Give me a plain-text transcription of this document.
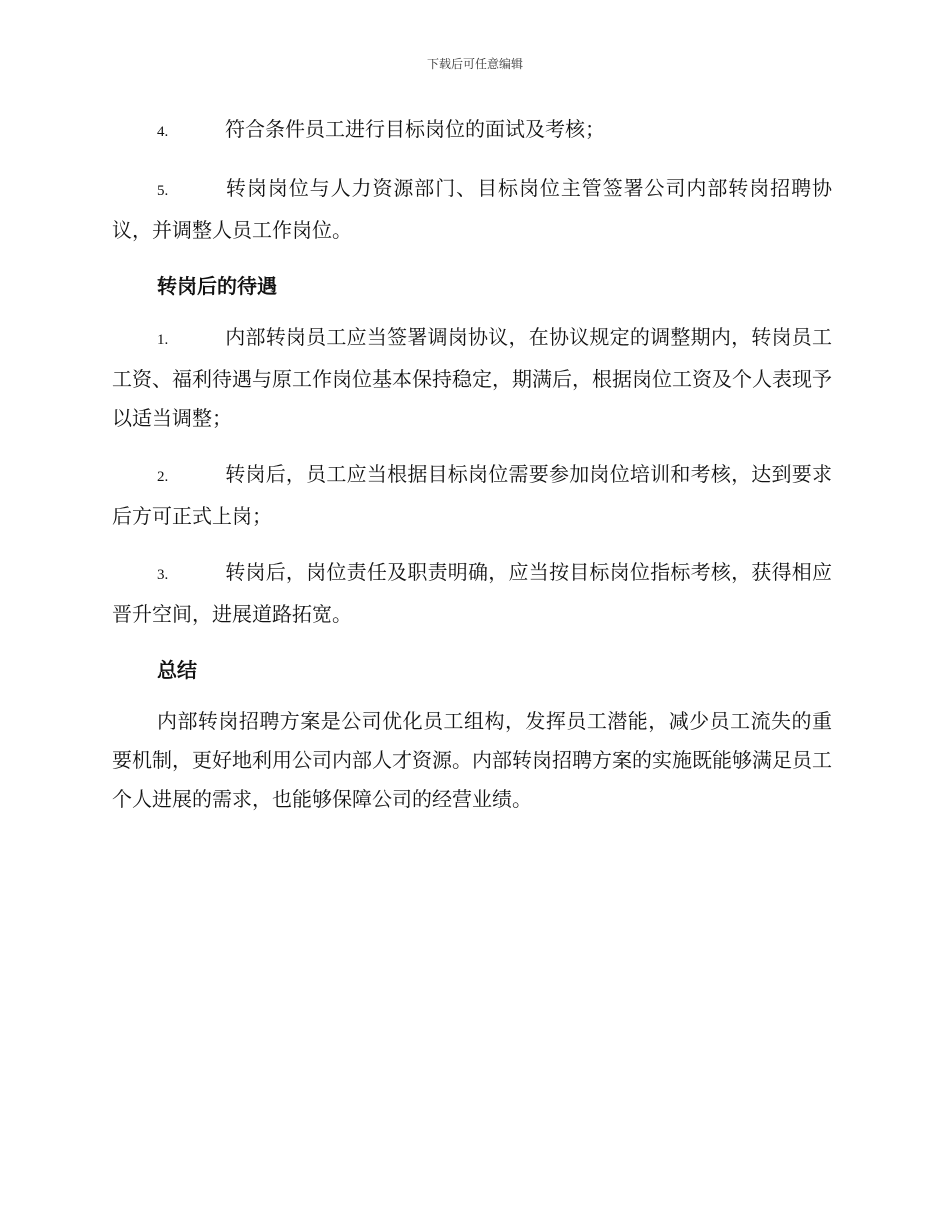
下载后可任意编辑

4.	符合条件员工进行目标岗位的面试及考核；

5.	转岗岗位与人力资源部门、目标岗位主管签署公司内部转岗招聘协议，并调整人员工作岗位。

转岗后的待遇

1.	内部转岗员工应当签署调岗协议，在协议规定的调整期内，转岗员工工资、福利待遇与原工作岗位基本保持稳定，期满后，根据岗位工资及个人表现予以适当调整；

2.	转岗后，员工应当根据目标岗位需要参加岗位培训和考核，达到要求后方可正式上岗；

3.	转岗后，岗位责任及职责明确，应当按目标岗位指标考核，获得相应晋升空间，进展道路拓宽。

总结

内部转岗招聘方案是公司优化员工组构，发挥员工潜能，减少员工流失的重要机制，更好地利用公司内部人才资源。内部转岗招聘方案的实施既能够满足员工个人进展的需求，也能够保障公司的经营业绩。
